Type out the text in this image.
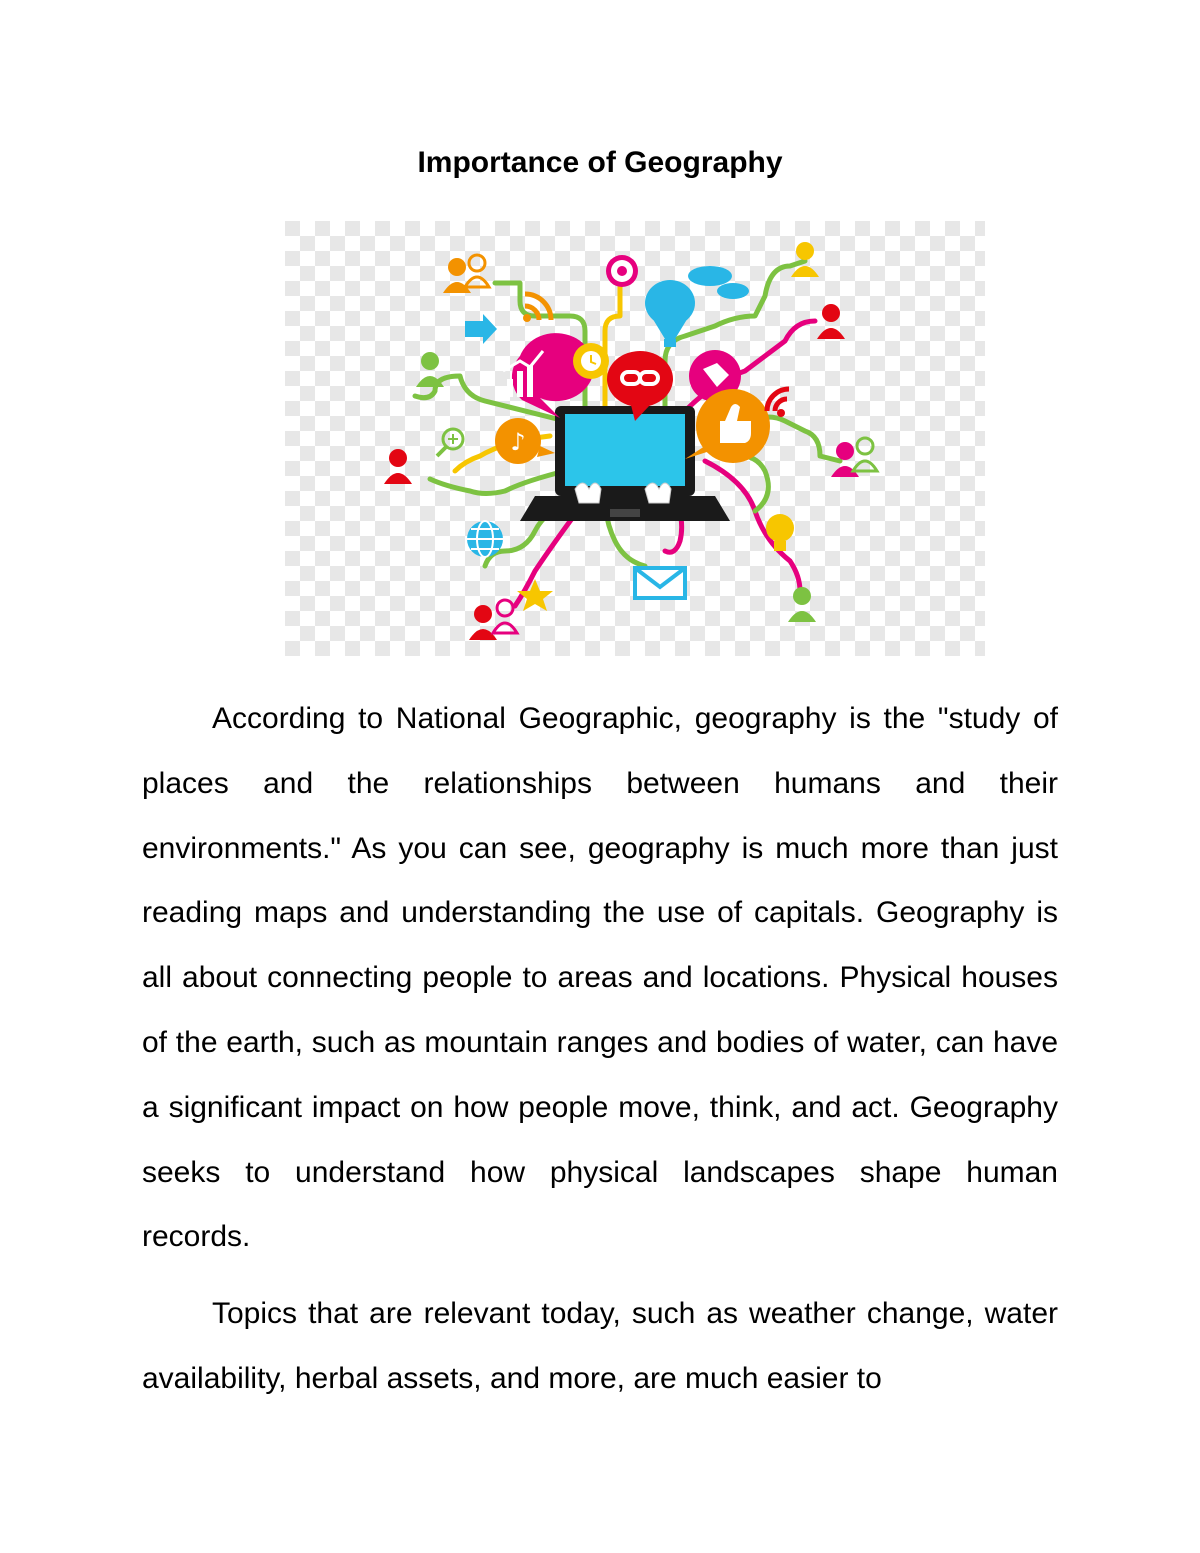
Importance of Geography
♪

According to National Geographic, geography is the "study of places and the relationships between humans and their environments." As you can see, geography is much more than just reading maps and understanding the use of capitals. Geography is all about connecting people to areas and locations. Physical houses of the earth, such as mountain ranges and bodies of water, can have a significant impact on how people move, think, and act. Geography seeks to understand how physical landscapes shape human records.

Topics that are relevant today, such as weather change, water availability, herbal assets, and more, are much easier to
